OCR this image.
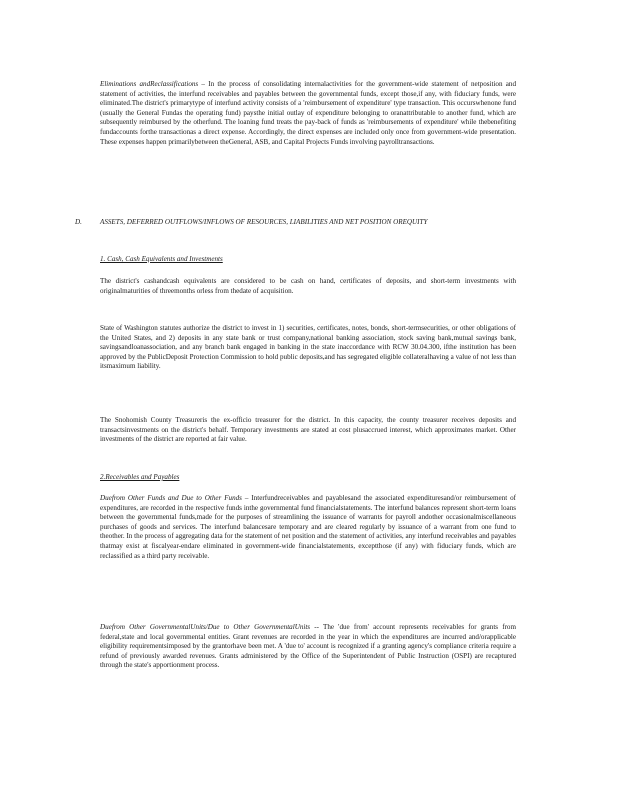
Eliminations andReclassifications – In the process of consolidating internalactivities for the government-wide statement of netposition and statement of activities, the interfund receivables and payables between the governmental funds, except those,if any, with fiduciary funds, were eliminated.The district's primarytype of interfund activity consists of a 'reimbursement of expenditure' type transaction. This occurswhenone fund (usually the General Fundas the operating fund) paysthe initial outlay of expenditure belonging to oranattributable to another fund, which are subsequently reimbursed by the otherfund. The loaning fund treats the pay-back of funds as 'reimbursements of expenditure' while thebenefiting fundaccounts forthe transactionas a direct expense. Accordingly, the direct expenses are included only once from government-wide presentation. These expenses happen primarilybetween theGeneral, ASB, and Capital Projects Funds involving payrolltransactions.

D.	ASSETS, DEFERRED OUTFLOWS/INFLOWS OF RESOURCES, LIABILITIES AND NET POSITION OREQUITY

1. Cash, Cash Equivalents and Investments

The district's cashandcash equivalents are considered to be cash on hand, certificates of deposits, and short-term investments with originalmaturities of threemonths orless from thedate of acquisition.

State of Washington statutes authorize the district to invest in 1) securities, certificates, notes, bonds, short-termsecurities, or other obligations of the United States, and 2) deposits in any state bank or trust company,national banking association, stock saving bank,mutual savings bank, savingsandloanassociation, and any branch bank engaged in banking in the state inaccordance with RCW 30.04.300, ifthe institution has been approved by the PublicDeposit Protection Commission to hold public deposits,and has segregated eligible collateralhaving a value of not less than itsmaximum liability.

The Snohomish County Treasureris the ex-officio treasurer for the district. In this capacity, the county treasurer receives deposits and transactsinvestments on the district's behalf. Temporary investments are stated at cost plusaccrued interest, which approximates market. Other investments of the district are reported at fair value.

2.Receivables and Payables

Duefrom Other Funds and Due to Other Funds – Interfundreceivables and payablesand the associated expendituresand/or reimbursement of expenditures, are recorded in the respective funds inthe governmental fund financialstatements. The interfund balances represent short-term loans between the governmental funds,made for the purposes of streamlining the issuance of warrants for payroll andother occasionalmiscellaneous purchases of goods and services. The interfund balancesare temporary and are cleared regularly by issuance of a warrant from one fund to theother. In the process of aggregating data for the statement of net position and the statement of activities, any interfund receivables and payables thatmay exist at fiscalyear-endare eliminated in government-wide financialstatements, exceptthose (if any) with fiduciary funds, which are reclassified as a third party receivable.

Duefrom Other GovernmentalUnits/Due to Other GovernmentalUnits -- The 'due from' account represents receivables for grants from federal,state and local governmental entities. Grant revenues are recorded in the year in which the expenditures are incurred and/orapplicable eligibility requirementsimposed by the grantorhave been met. A 'due to' account is recognized if a granting agency's compliance criteria require a refund of previously awarded revenues. Grants administered by the Office of the Superintendent of Public Instruction (OSPI) are recaptured through the state's apportionment process.
